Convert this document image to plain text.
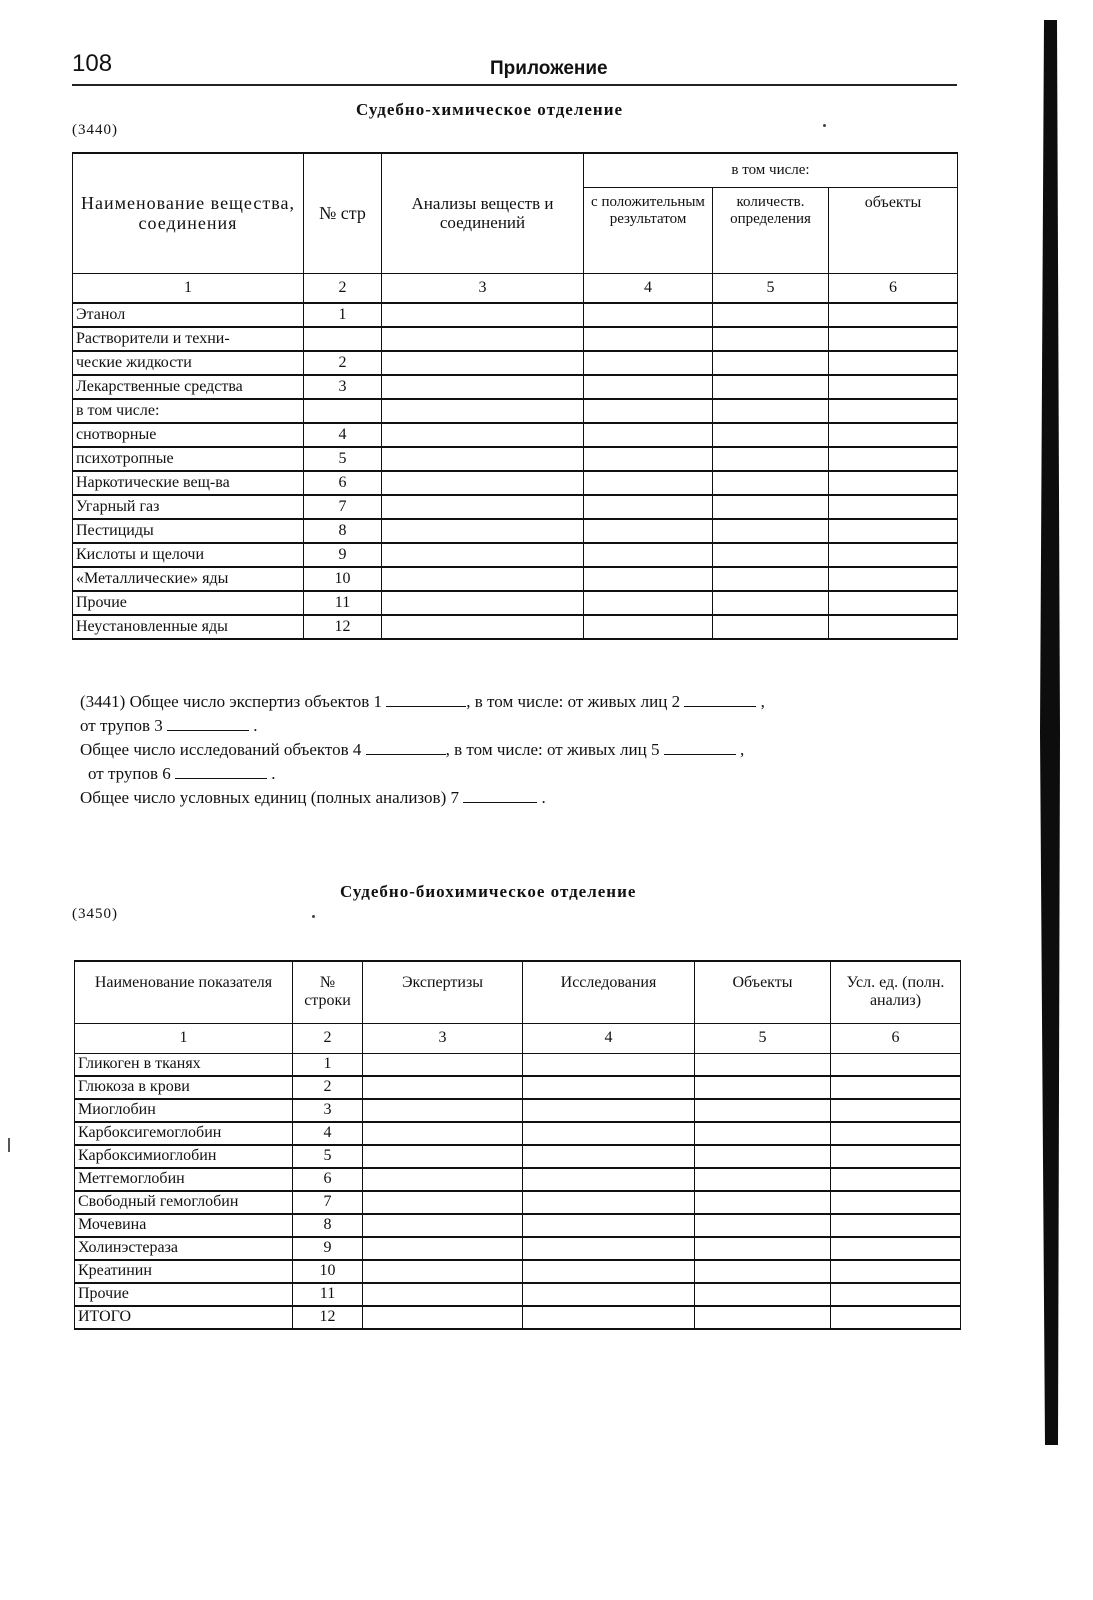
108	Приложение
Судебно-химическое отделение
(3440)
Наименование вещества, соединения	№ стр	Анализы веществ и соединений	в том числе:		
			с положительным результатом	количеств. определения	объекты
1	2	3	4	5	6
Этанол	1				
Растворители и техни-					
ческие жидкости	2				
Лекарственные средства	3				
в том числе:					
снотворные	4				
психотропные	5				
Наркотические вещ-ва	6				
Угарный газ	7				
Пестициды	8				
Кислоты и щелочи	9				
«Металлические» яды	10				
Прочие	11				
Неустановленные яды	12				
(3441) Общее число экспертиз объектов 1	, в том числе: от живых лиц 2	,
от трупов 3	.
Общее число исследований объектов 4	, в том числе: от живых лиц 5	,
от трупов 6	.
Общее число условных единиц (полных анализов) 7	.
Судебно-биохимическое отделение
(3450)
Наименование показателя	№ строки	Экспертизы	Исследования	Объекты	Усл. ед. (полн. анализ)
1	2	3	4	5	6
Гликоген в тканях	1				
Глюкоза в крови	2				
Миоглобин	3				
Карбоксигемоглобин	4				
Карбоксимиоглобин	5				
Метгемоглобин	6				
Свободный гемоглобин	7				
Мочевина	8				
Холинэстераза	9				
Креатинин	10				
Прочие	11				
ИТОГО	12				
